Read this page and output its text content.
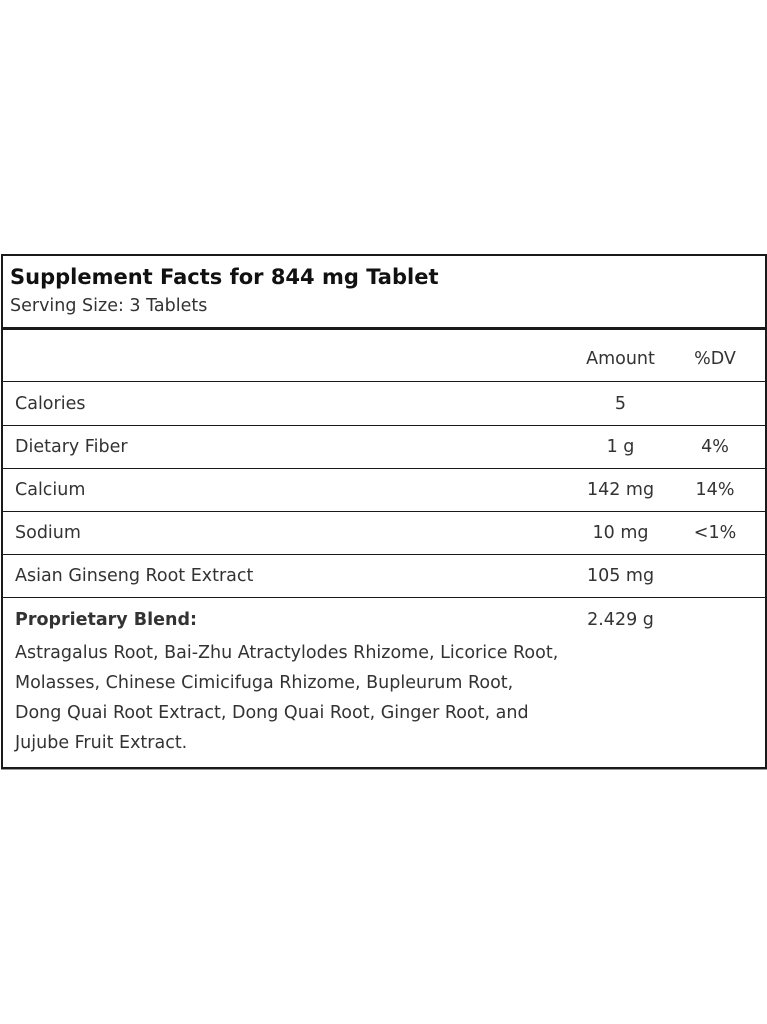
Supplement Facts for 844 mg Tablet
Serving Size: 3 Tablets
Amount	%DV
Calories	5
Dietary Fiber	1 g	4%
Calcium	142 mg	14%
Sodium	10 mg	<1%
Asian Ginseng Root Extract	105 mg
Proprietary Blend:	2.429 g
Astragalus Root, Bai-Zhu Atractylodes Rhizome, Licorice Root, Molasses, Chinese Cimicifuga Rhizome, Bupleurum Root, Dong Quai Root Extract, Dong Quai Root, Ginger Root, and Jujube Fruit Extract.
